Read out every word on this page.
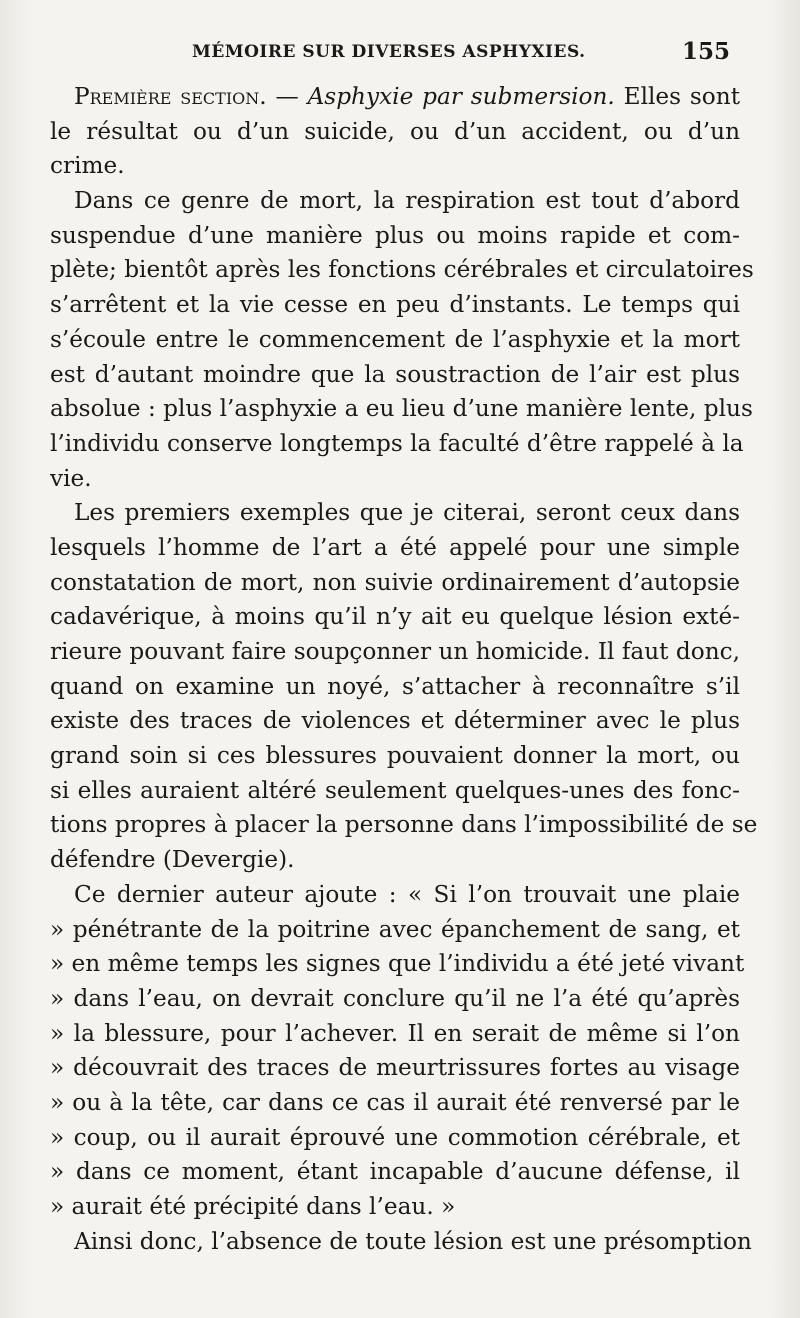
MÉMOIRE SUR DIVERSES ASPHYXIES.	155
Première section. — Asphyxie par submersion. Elles sont
le résultat ou d’un suicide, ou d’un accident, ou d’un
crime.
Dans ce genre de mort, la respiration est tout d’abord
suspendue d’une manière plus ou moins rapide et com-
plète; bientôt après les fonctions cérébrales et circulatoires
s’arrêtent et la vie cesse en peu d’instants. Le temps qui
s’écoule entre le commencement de l’asphyxie et la mort
est d’autant moindre que la soustraction de l’air est plus
absolue : plus l’asphyxie a eu lieu d’une manière lente, plus
l’individu conserve longtemps la faculté d’être rappelé à la
vie.
Les premiers exemples que je citerai, seront ceux dans
lesquels l’homme de l’art a été appelé pour une simple
constatation de mort, non suivie ordinairement d’autopsie
cadavérique, à moins qu’il n’y ait eu quelque lésion exté-
rieure pouvant faire soupçonner un homicide. Il faut donc,
quand on examine un noyé, s’attacher à reconnaître s’il
existe des traces de violences et déterminer avec le plus
grand soin si ces blessures pouvaient donner la mort, ou
si elles auraient altéré seulement quelques-unes des fonc-
tions propres à placer la personne dans l’impossibilité de se
défendre (Devergie).
Ce dernier auteur ajoute : « Si l’on trouvait une plaie
» pénétrante de la poitrine avec épanchement de sang, et
» en même temps les signes que l’individu a été jeté vivant
» dans l’eau, on devrait conclure qu’il ne l’a été qu’après
» la blessure, pour l’achever. Il en serait de même si l’on
» découvrait des traces de meurtrissures fortes au visage
» ou à la tête, car dans ce cas il aurait été renversé par le
» coup, ou il aurait éprouvé une commotion cérébrale, et
» dans ce moment, étant incapable d’aucune défense, il
» aurait été précipité dans l’eau. »
Ainsi donc, l’absence de toute lésion est une présomption
